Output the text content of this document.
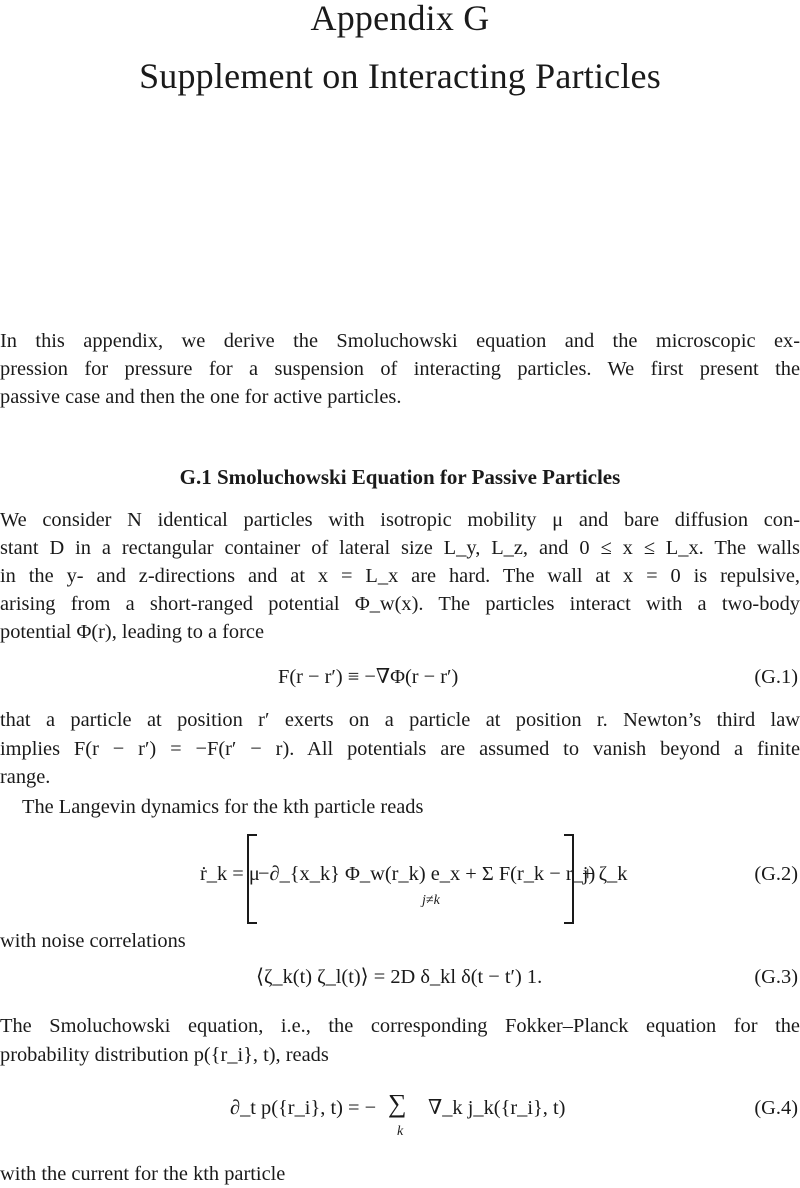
Appendix G
Supplement on Interacting Particles
In this appendix, we derive the Smoluchowski equation and the microscopic ex-
pression for pressure for a suspension of interacting particles. We first present the
passive case and then the one for active particles.
G.1 Smoluchowski Equation for Passive Particles
We consider N identical particles with isotropic mobility μ and bare diffusion con-
stant D in a rectangular container of lateral size L_y, L_z, and 0 ≤ x ≤ L_x. The walls
in the y- and z-directions and at x = L_x are hard. The wall at x = 0 is repulsive,
arising from a short-ranged potential Φ_w(x). The particles interact with a two-body
potential Φ(r), leading to a force
F(r − r′) ≡ −∇Φ(r − r′)	(G.1)
that a particle at position r′ exerts on a particle at position r. Newton’s third law
implies F(r − r′) = −F(r′ − r). All potentials are assumed to vanish beyond a finite
range.
The Langevin dynamics for the kth particle reads
ṙ_k = μ
−∂_{x_k} Φ_w(r_k) e_x + Σ F(r_k − r_j)
j≠k
+ ζ_k	(G.2)
with noise correlations
⟨ζ_k(t) ζ_l(t)⟩ = 2D δ_kl δ(t − t′) 1.	(G.3)
The Smoluchowski equation, i.e., the corresponding Fokker–Planck equation for the
probability distribution p({r_i}, t), reads
∂_t p({r_i}, t) = − ∑
k
∇_k j_k({r_i}, t)	(G.4)
with the current for the kth particle
